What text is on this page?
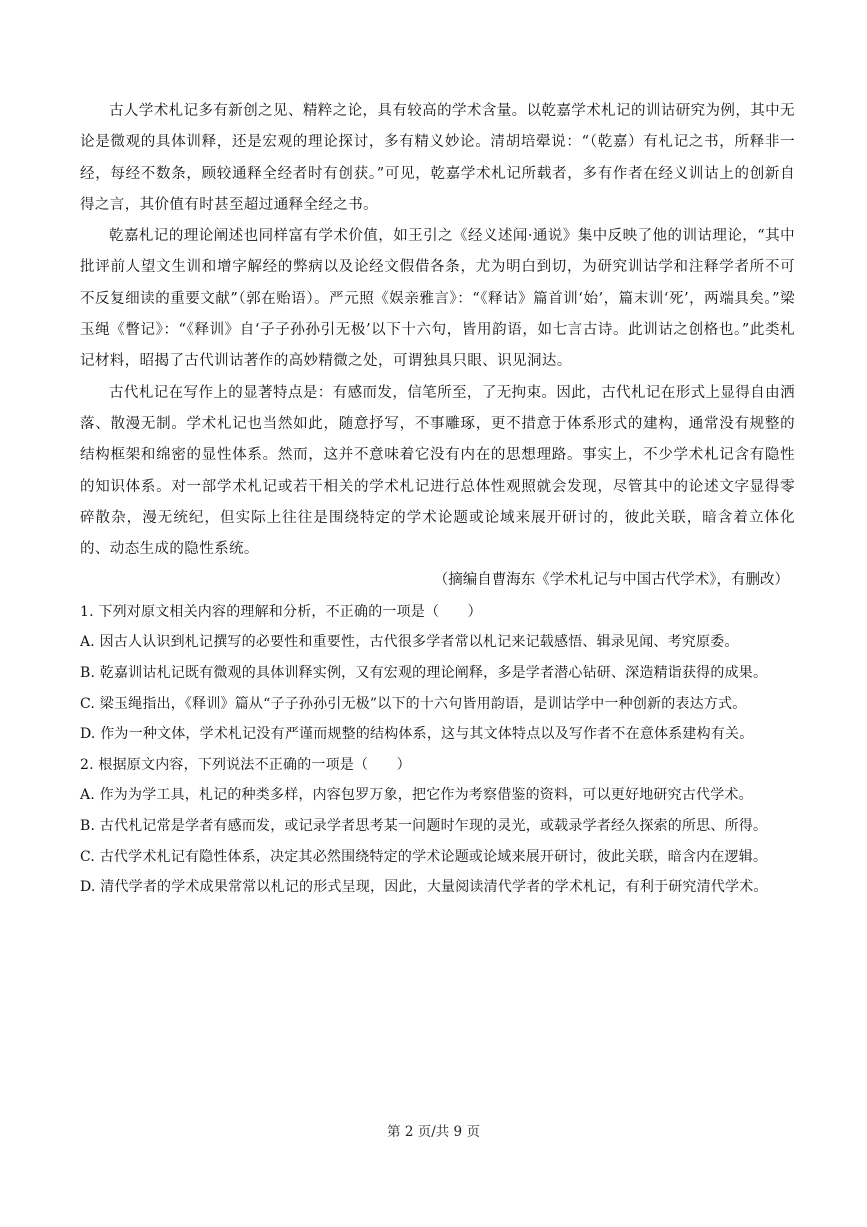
古人学术札记多有新创之见、精粹之论，具有较高的学术含量。以乾嘉学术札记的训诂研究为例，其中无论是微观的具体训释，还是宏观的理论探讨，多有精义妙论。清胡培翚说：“（乾嘉）有札记之书，所释非一经，每经不数条，顾较通释全经者时有创获。”可见，乾嘉学术札记所载者，多有作者在经义训诂上的创新自得之言，其价值有时甚至超过通释全经之书。

乾嘉札记的理论阐述也同样富有学术价值，如王引之《经义述闻·通说》集中反映了他的训诂理论，“其中批评前人望文生训和增字解经的弊病以及论经文假借各条，尤为明白到切，为研究训诂学和注释学者所不可不反复细读的重要文献”（郭在贻语）。严元照《娱亲雅言》：“《释诂》篇首训‘始’，篇末训‘死’，两端具矣。”梁玉绳《瞥记》：“《释训》自‘子子孙孙引无极’以下十六句，皆用韵语，如七言古诗。此训诂之创格也。”此类札记材料，昭揭了古代训诂著作的高妙精微之处，可谓独具只眼、识见洞达。

古代札记在写作上的显著特点是：有感而发，信笔所至，了无拘束。因此，古代札记在形式上显得自由洒落、散漫无制。学术札记也当然如此，随意抒写，不事雕琢，更不措意于体系形式的建构，通常没有规整的结构框架和绵密的显性体系。然而，这并不意味着它没有内在的思想理路。事实上，不少学术札记含有隐性的知识体系。对一部学术札记或若干相关的学术札记进行总体性观照就会发现，尽管其中的论述文字显得零碎散杂，漫无统纪，但实际上往往是围绕特定的学术论题或论域来展开研讨的，彼此关联，暗含着立体化的、动态生成的隐性系统。

（摘编自曹海东《学术札记与中国古代学术》，有删改）

1. 下列对原文相关内容的理解和分析，不正确的一项是（　　）

A. 因古人认识到札记撰写的必要性和重要性，古代很多学者常以札记来记载感悟、辑录见闻、考究原委。

B. 乾嘉训诂札记既有微观的具体训释实例，又有宏观的理论阐释，多是学者潜心钻研、深造精诣获得的成果。

C. 梁玉绳指出，《释训》篇从“子子孙孙引无极”以下的十六句皆用韵语，是训诂学中一种创新的表达方式。

D. 作为一种文体，学术札记没有严谨而规整的结构体系，这与其文体特点以及写作者不在意体系建构有关。

2. 根据原文内容，下列说法不正确的一项是（　　）

A. 作为为学工具，札记的种类多样，内容包罗万象，把它作为考察借鉴的资料，可以更好地研究古代学术。

B. 古代札记常是学者有感而发，或记录学者思考某一问题时乍现的灵光，或载录学者经久探索的所思、所得。

C. 古代学术札记有隐性体系，决定其必然围绕特定的学术论题或论域来展开研讨，彼此关联，暗含内在逻辑。

D. 清代学者的学术成果常常以札记的形式呈现，因此，大量阅读清代学者的学术札记，有利于研究清代学术。

第 2 页/共 9 页
